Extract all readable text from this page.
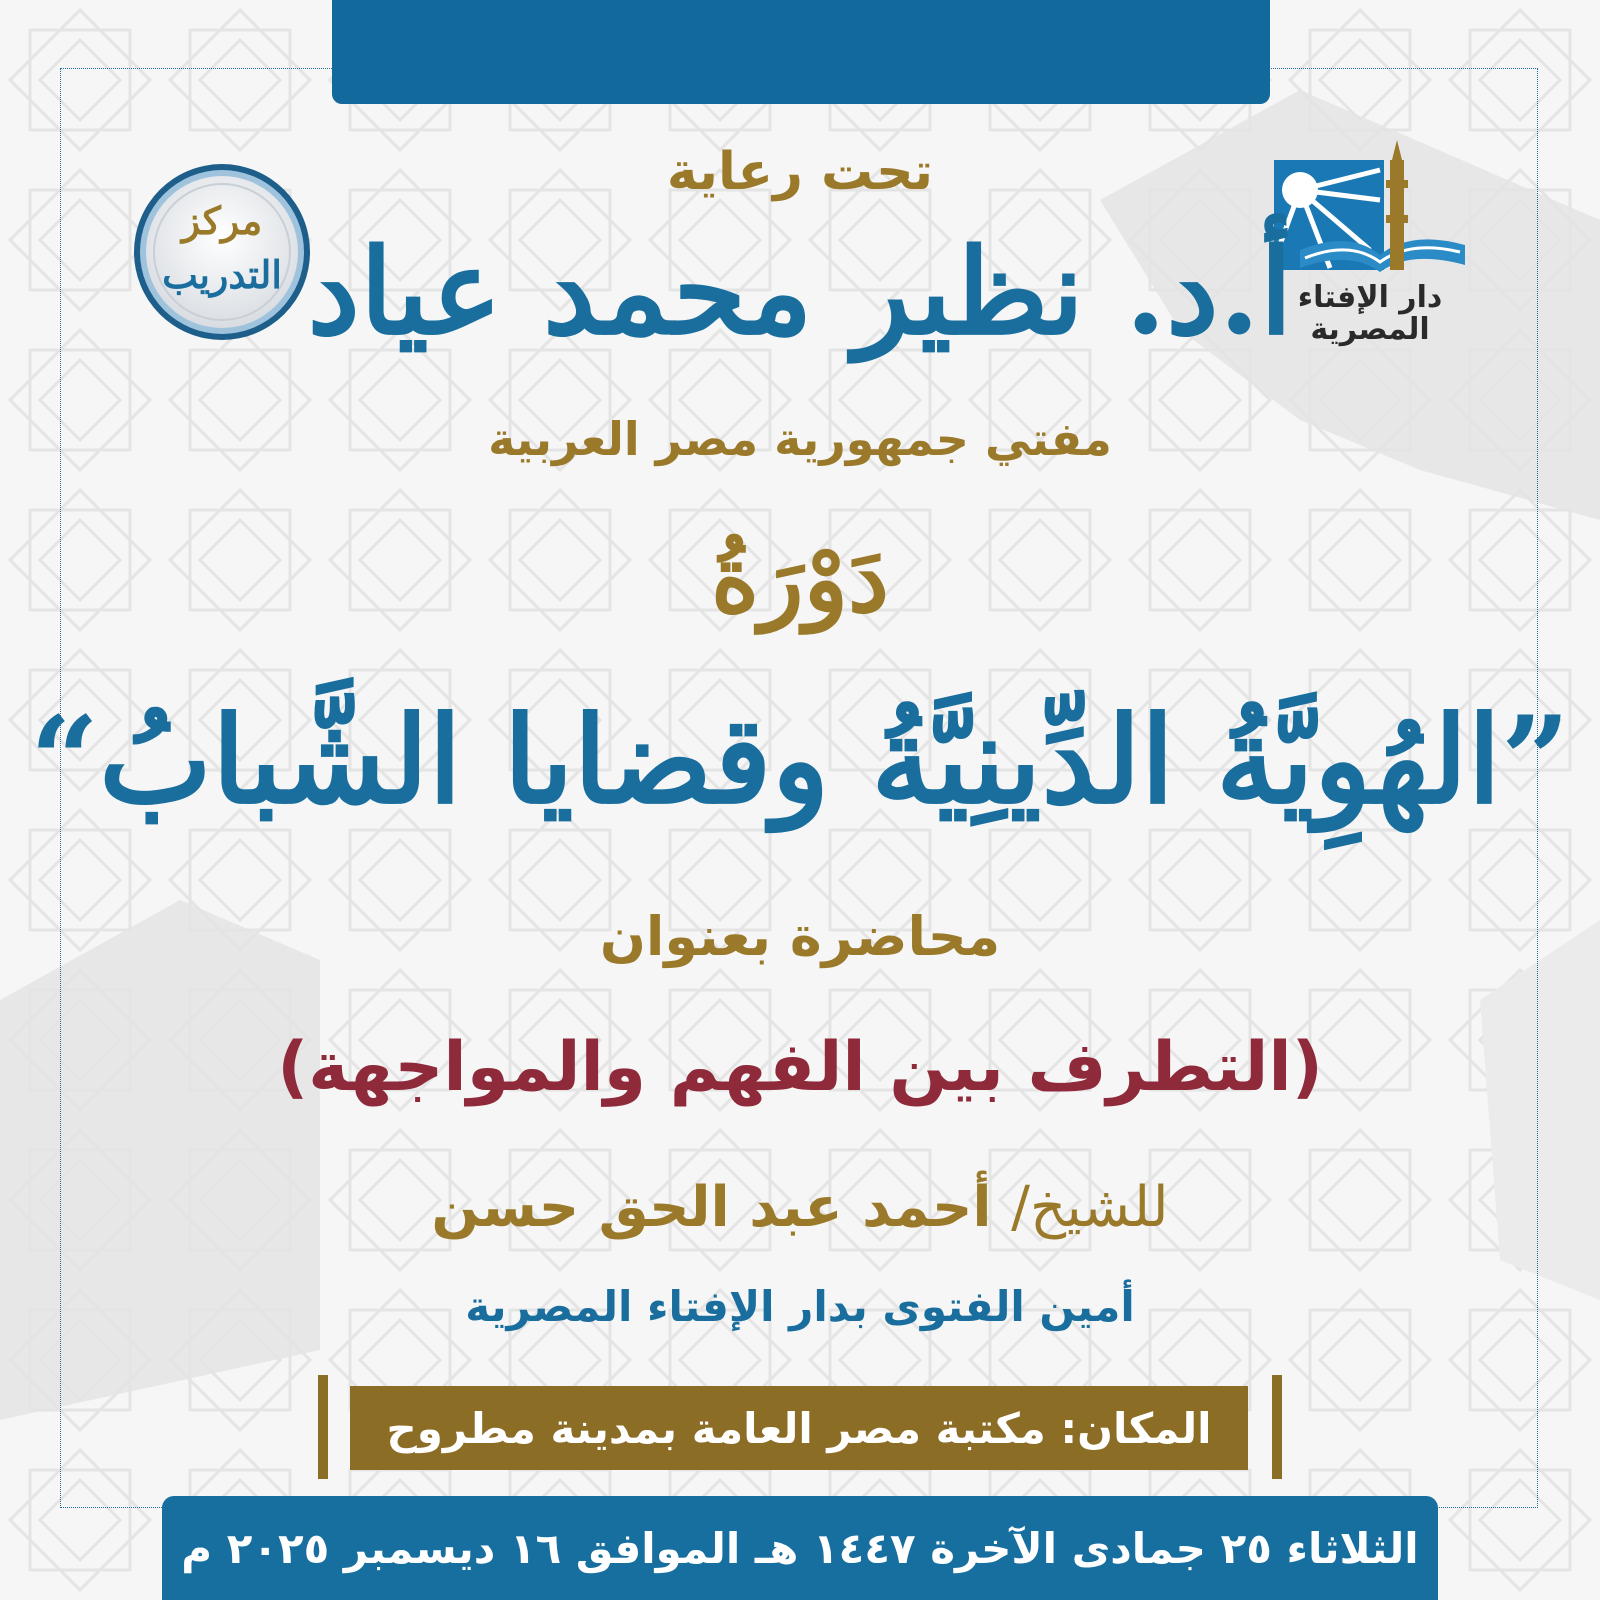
مركز
التدريب
دار الإفتاء
المصرية
تحت رعاية
أ.د. نظير محمد عياد
مفتي جمهورية مصر العربية
دَوْرَةُ
”الهُوِيَّةُ الدِّينِيَّةُ وقضايا الشَّبابُ“
محاضرة بعنوان
(التطرف بين الفهم والمواجهة)
للشيخ/ أحمد عبد الحق حسن
أمين الفتوى بدار الإفتاء المصرية
المكان: مكتبة مصر العامة بمدينة مطروح
الثلاثاء ٢٥ جمادى الآخرة ١٤٤٧ هـ الموافق ١٦ ديسمبر ٢٠٢٥ م
